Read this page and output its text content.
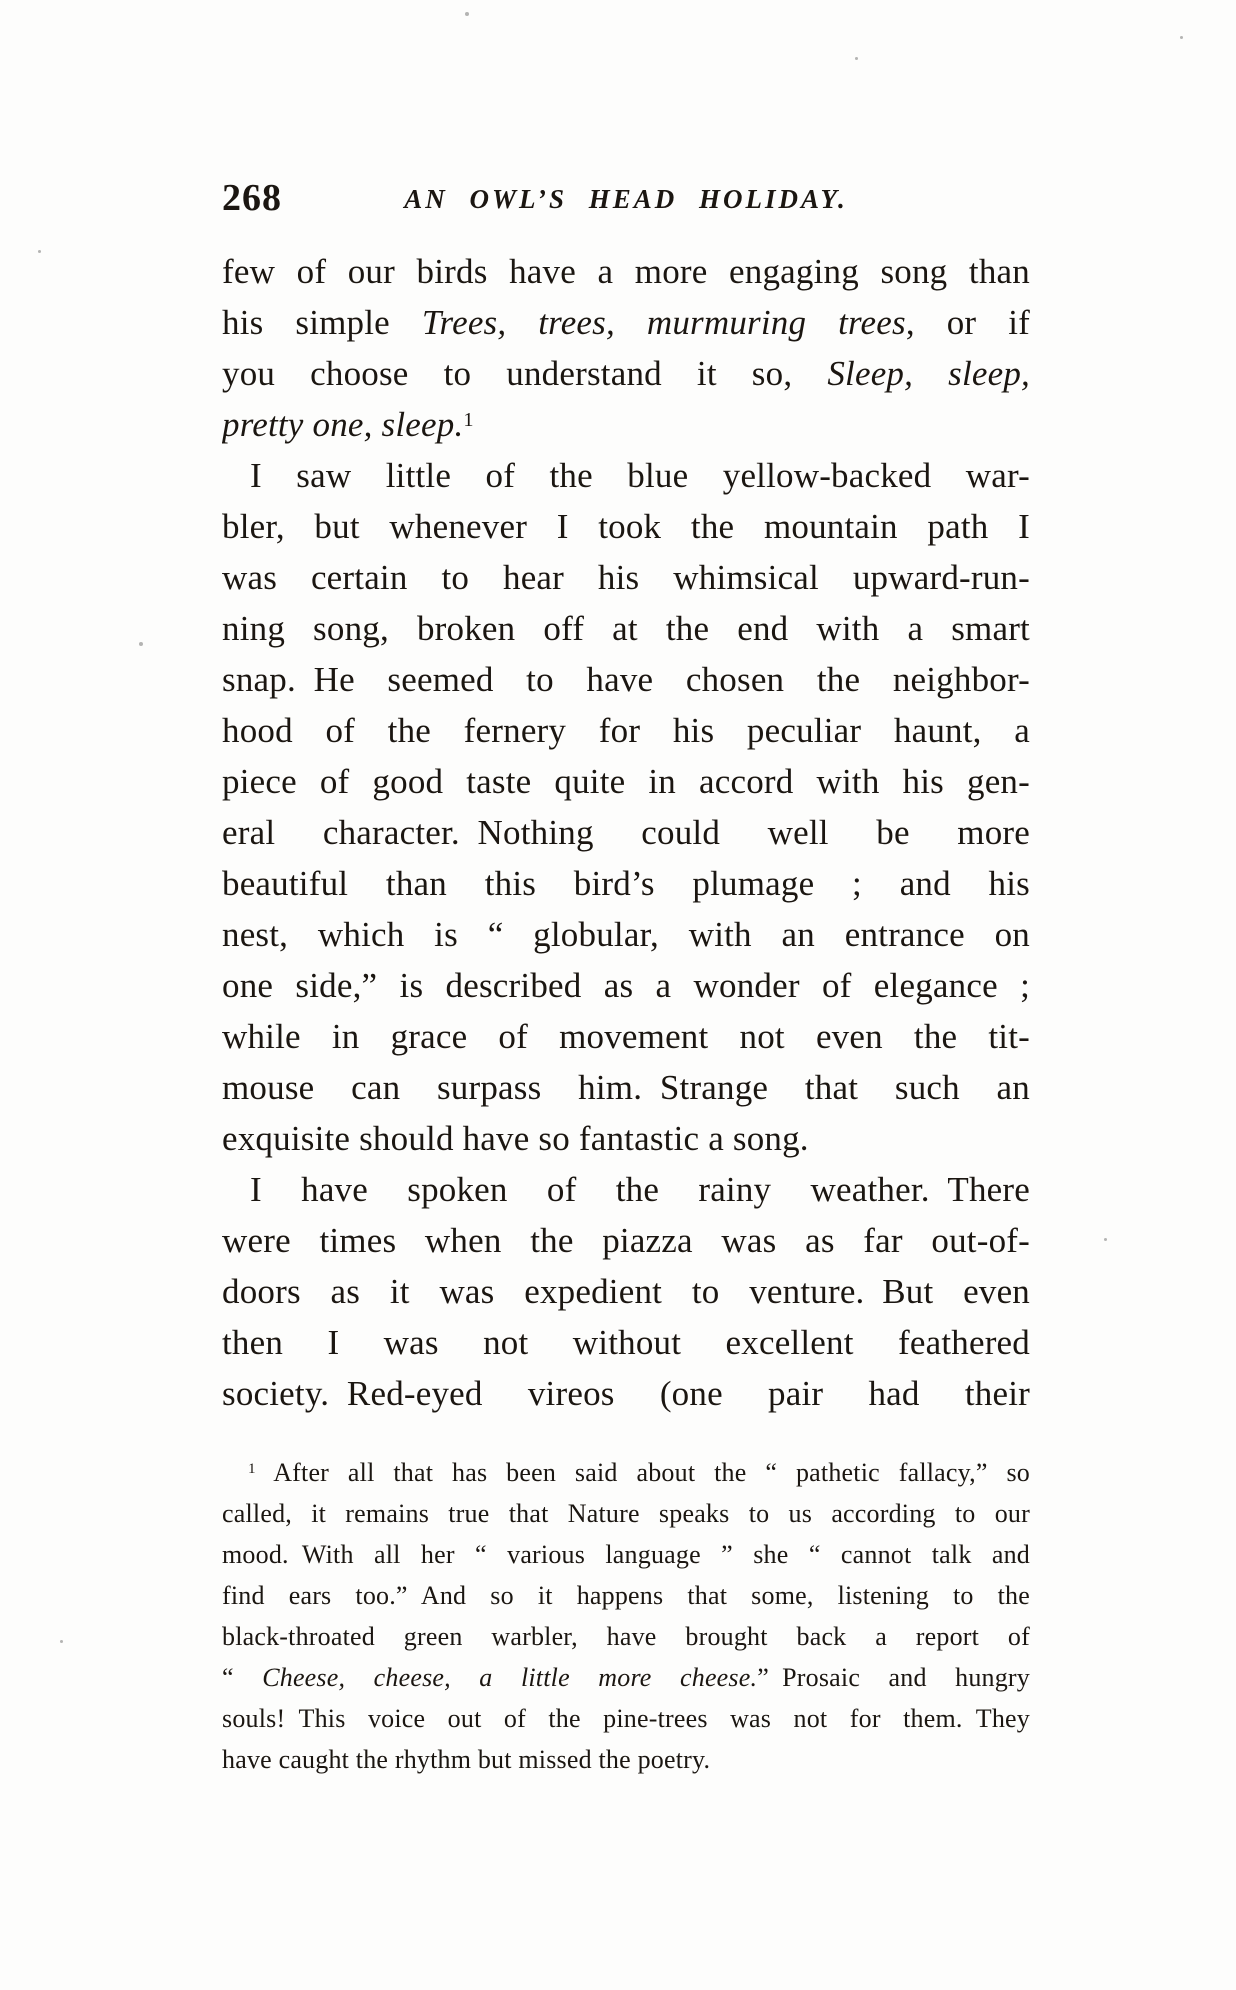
268	AN OWL’S HEAD HOLIDAY.
few of our birds have a more engaging song than
his simple Trees, trees, murmuring trees, or if
you choose to understand it so, Sleep, sleep,
pretty one, sleep.$^1$
I saw little of the blue yellow-backed war-
bler, but whenever I took the mountain path I
was certain to hear his whimsical upward-run-
ning song, broken off at the end with a smart
snap. He seemed to have chosen the neighbor-
hood of the fernery for his peculiar haunt, a
piece of good taste quite in accord with his gen-
eral character. Nothing could well be more
beautiful than this bird’s plumage ; and his
nest, which is “ globular, with an entrance on
one side,” is described as a wonder of elegance ;
while in grace of movement not even the tit-
mouse can surpass him. Strange that such an
exquisite should have so fantastic a song.
I have spoken of the rainy weather. There
were times when the piazza was as far out-of-
doors as it was expedient to venture. But even
then I was not without excellent feathered
society. Red-eyed vireos (one pair had their
$^1$ After all that has been said about the “ pathetic fallacy,” so
called, it remains true that Nature speaks to us according to our
mood. With all her “ various language ” she “ cannot talk and
find ears too.” And so it happens that some, listening to the
black-throated green warbler, have brought back a report of
“ Cheese, cheese, a little more cheese.” Prosaic and hungry
souls! This voice out of the pine-trees was not for them. They
have caught the rhythm but missed the poetry.
